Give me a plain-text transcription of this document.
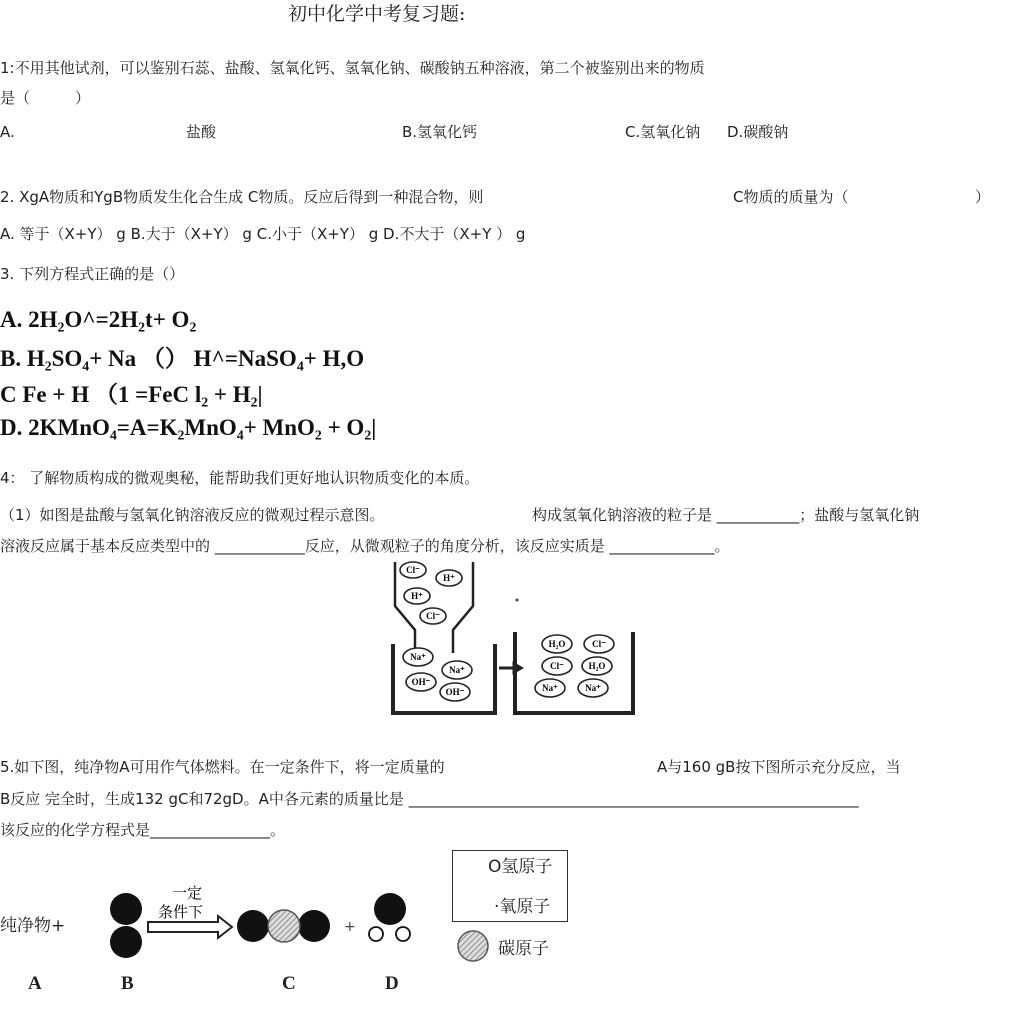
初中化学中考复习题:
1:不用其他试剂，可以鉴别石蕊、盐酸、氢氧化钙、氢氧化钠、碳酸钠五种溶液，第二个被鉴别出来的物质
是（　　　）
A.	盐酸	B.氢氧化钙	C.氢氧化钠 D.碳酸钠
2. XgA物质和YgB物质发生化合生成 C物质。反应后得到一种混合物，则	C物质的质量为（	）
A. 等于（X+Y） g B.大于（X+Y） g C.小于（X+Y） g D.不大于（X+Y ） g
3. 下列方程式正确的是（）
A. 2H₂O^=2H₂t+ O₂
B. H₂SO₄+ Na （） H^=NaSO₄+ H,O
C Fe + H （1 =FeC l₂ + H₂|
D. 2KMnO₄=A=K₂MnO₄+ MnO₂ + O₂|
4： 了解物质构成的微观奥秘，能帮助我们更好地认识物质变化的本质。
（1）如图是盐酸与氢氧化钠溶液反应的微观过程示意图。	构成氢氧化钠溶液的粒子是 ___________；盐酸与氢氧化钠
溶液反应属于基本反应类型中的 ____________反应，从微观粒子的角度分析，该反应实质是 ______________。
Cl⁻
H⁺
H⁺
Cl⁻
Na⁺
Na⁺
OH⁻
OH⁻
H₂O	Cl⁻
Cl⁻	H₂O
Na⁺	Na⁺
5.如下图，纯净物A可用作气体燃料。在一定条件下，将一定质量的	A与160 gB按下图所示充分反应，当
B反应 完全时，生成132 gC和72gD。A中各元素的质量比是 ____________________________________________________________
该反应的化学方程式是________________。
O氢原子
·氧原子
碳原子
纯净物+
一定
条件下
+
A	B	C	D
